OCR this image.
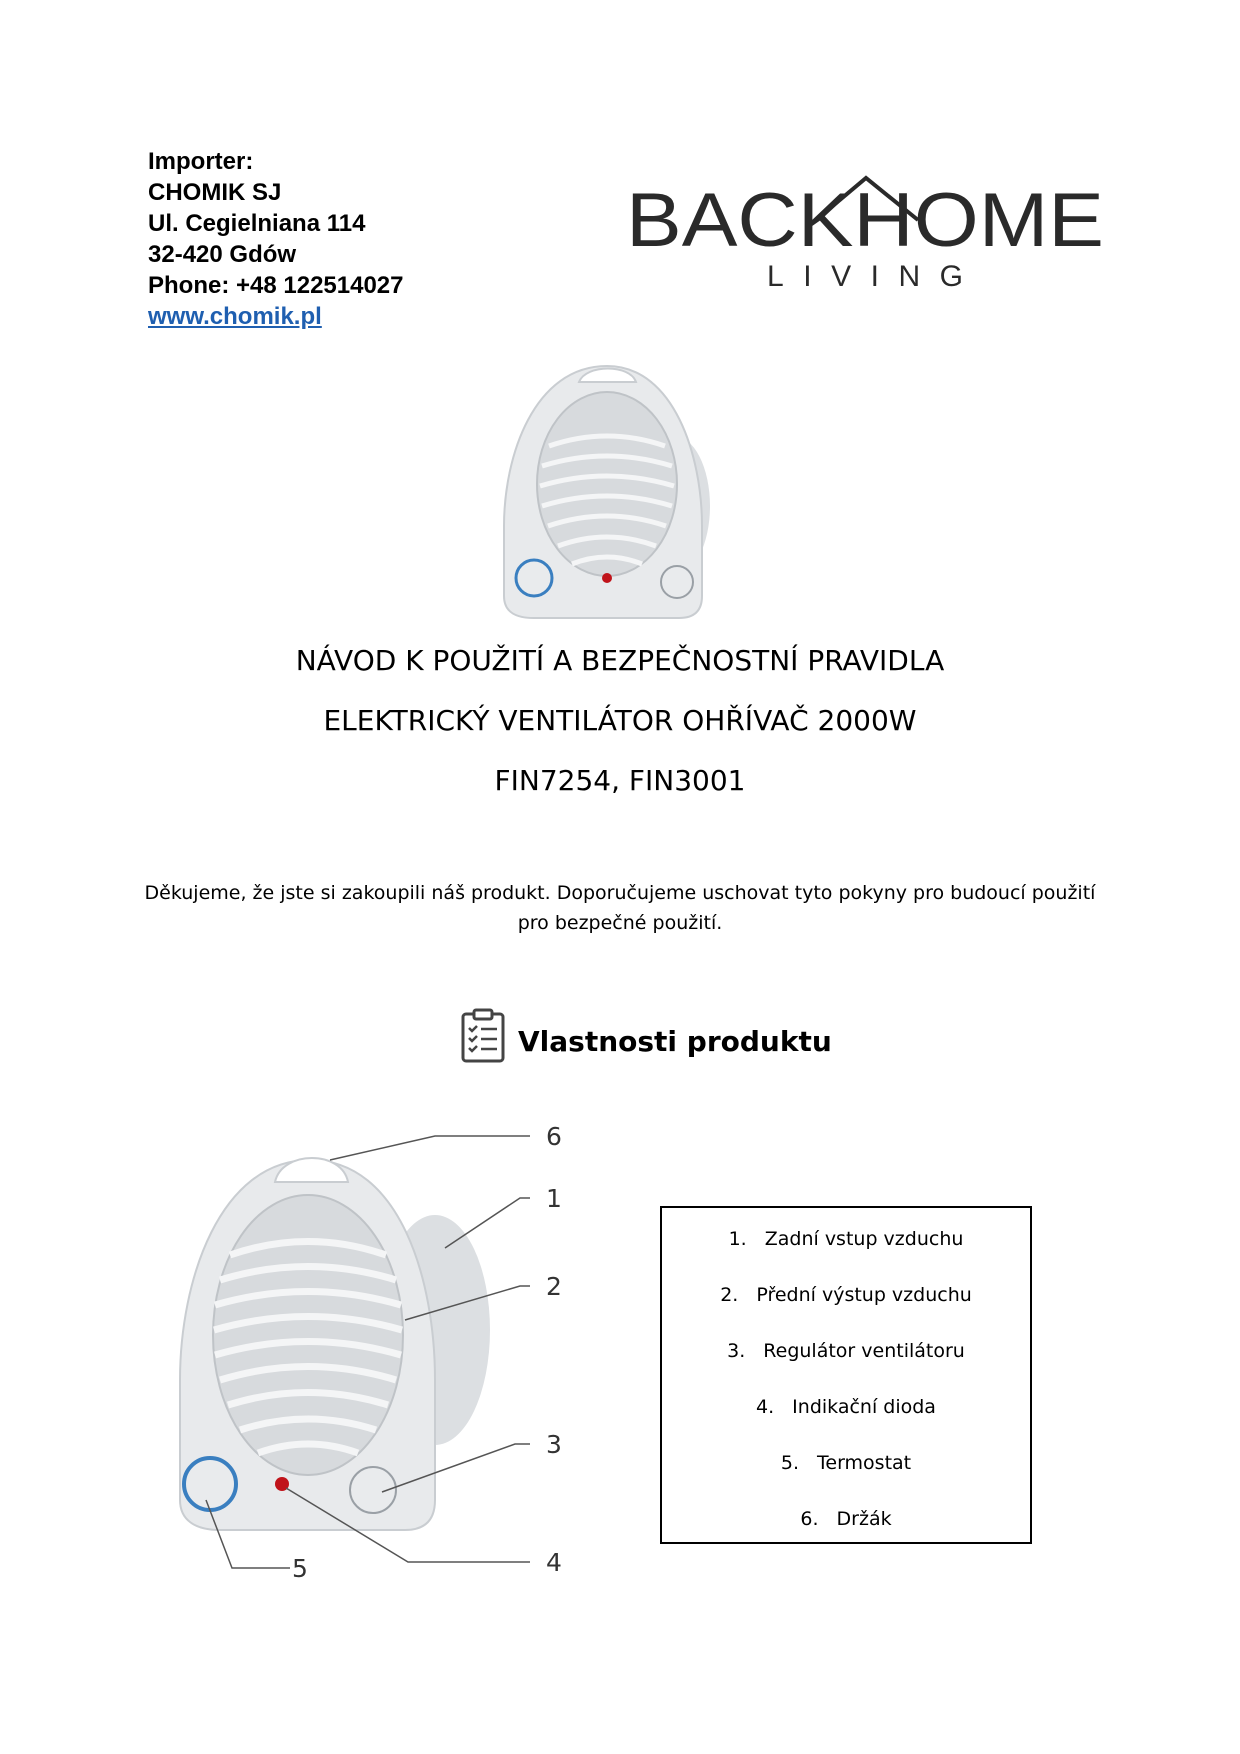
Importer:
CHOMIK SJ
Ul. Cegielniana 114
32-420 Gdów
Phone: +48 122514027
www.chomik.pl
BACKHOME
LIVING
NÁVOD K POUŽITÍ A BEZPEČNOSTNÍ PRAVIDLA
ELEKTRICKÝ VENTILÁTOR OHŘÍVAČ 2000W
FIN7254, FIN3001
Děkujeme, že jste si zakoupili náš produkt. Doporučujeme uschovat tyto pokyny pro budoucí použití
pro bezpečné použití.
Vlastnosti produktu
6
1
2
3
4
5
1. Zadní vstup vzduchu
2. Přední výstup vzduchu
3. Regulátor ventilátoru
4. Indikační dioda
5. Termostat
6. Držák
